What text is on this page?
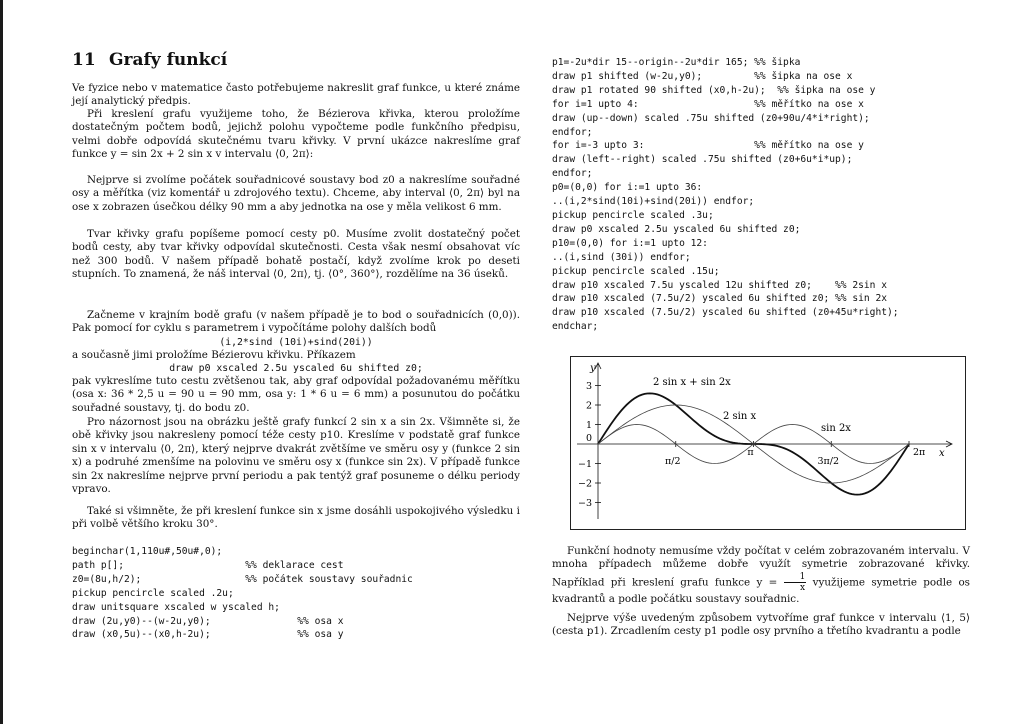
11 Grafy funkcí

Ve fyzice nebo v matematice často potřebujeme nakreslit graf funkce, u které známe její analytický předpis.

Při kreslení grafu využijeme toho, že Bézierova křivka, kterou proložíme dostatečným počtem bodů, jejichž polohu vypočteme podle funkčního předpisu, velmi dobře odpovídá skutečnému tvaru křivky. V první ukázce nakreslíme graf funkce y = sin 2x + 2 sin x v intervalu ⟨0, 2π⟩:

Nejprve si zvolíme počátek souřadnicové soustavy bod z0 a nakreslíme souřadné osy a měřítka (viz komentář u zdrojového textu). Chceme, aby interval ⟨0, 2π⟩ byl na ose x zobrazen úsečkou délky 90 mm a aby jednotka na ose y měla velikost 6 mm.

Tvar křivky grafu popíšeme pomocí cesty p0. Musíme zvolit dostatečný počet bodů cesty, aby tvar křivky odpovídal skutečnosti. Cesta však nesmí obsahovat víc než 300 bodů. V našem případě bohatě postačí, když zvolíme krok po deseti stupních. To znamená, že náš interval ⟨0, 2π⟩, tj. ⟨0°, 360°⟩, rozdělíme na 36 úseků.

Začneme v krajním bodě grafu (v našem případě je to bod o souřadnicích (0,0)). Pak pomocí for cyklu s parametrem i vypočítáme polohy dalších bodů

(i,2*sind (10i)+sind(20i))

a současně jimi proložíme Bézierovu křivku. Příkazem

draw p0 xscaled 2.5u yscaled 6u shifted z0;

pak vykreslíme tuto cestu zvětšenou tak, aby graf odpovídal požadovanému měřítku (osa x: 36 * 2,5 u = 90 u = 90 mm, osa y: 1 * 6 u = 6 mm) a posunutou do počátku souřadné soustavy, tj. do bodu z0.

Pro názornost jsou na obrázku ještě grafy funkcí 2 sin x a sin 2x. Všimněte si, že obě křivky jsou nakresleny pomocí téže cesty p10. Kreslíme v podstatě graf funkce sin x v intervalu ⟨0, 2π⟩, který nejprve dvakrát zvětšíme ve směru osy y (funkce 2 sin x) a podruhé zmenšíme na polovinu ve směru osy x (funkce sin 2x). V případě funkce sin 2x nakreslíme nejprve první periodu a pak tentýž graf posuneme o délku periody vpravo.

Také si všimněte, že při kreslení funkce sin x jsme dosáhli uspokojivého výsledku i při volbě většího kroku 30°.

beginchar(1,110u#,50u#,0);
path p[];                     %% deklarace cest
z0=(8u,h/2);                  %% počátek soustavy souřadnic
pickup pencircle scaled .2u;
draw unitsquare xscaled w yscaled h;
draw (2u,y0)--(w-2u,y0);               %% osa x
draw (x0,5u)--(x0,h-2u);               %% osa y
p1=-2u*dir 15--origin--2u*dir 165; %% šipka
draw p1 shifted (w-2u,y0);         %% šipka na ose x
draw p1 rotated 90 shifted (x0,h-2u);  %% šipka na ose y
for i=1 upto 4:                    %% měřítko na ose x
draw (up--down) scaled .75u shifted (z0+90u/4*i*right);
endfor;
for i=-3 upto 3:                   %% měřítko na ose y
draw (left--right) scaled .75u shifted (z0+6u*i*up);
endfor;
p0=(0,0) for i:=1 upto 36:
..(i,2*sind(10i)+sind(20i)) endfor;
pickup pencircle scaled .3u;
draw p0 xscaled 2.5u yscaled 6u shifted z0;
p10=(0,0) for i:=1 upto 12:
..(i,sind (30i)) endfor;
pickup pencircle scaled .15u;
draw p10 xscaled 7.5u yscaled 12u shifted z0;    %% 2sin x
draw p10 xscaled (7.5u/2) yscaled 6u shifted z0; %% sin 2x
draw p10 xscaled (7.5u/2) yscaled 6u shifted (z0+45u*right);
endchar;
x
y
π/2
π
3π/2
2π
−3
−2
−1
0
1
2
3	2 sin x + sin 2x
2 sin x
sin 2x

Funkční hodnoty nemusíme vždy počítat v celém zobrazovaném intervalu. V mnoha případech můžeme dobře využít symetrie zobrazované křivky. Například při kreslení grafu funkce $y = \frac{1}{x}$ využijeme symetrie podle os kvadrantů a podle počátku soustavy souřadnic.

Nejprve výše uvedeným způsobem vytvoříme graf funkce v intervalu ⟨1, 5⟩ (cesta p1). Zrcadlením cesty p1 podle osy prvního a třetího kvadrantu a podle
